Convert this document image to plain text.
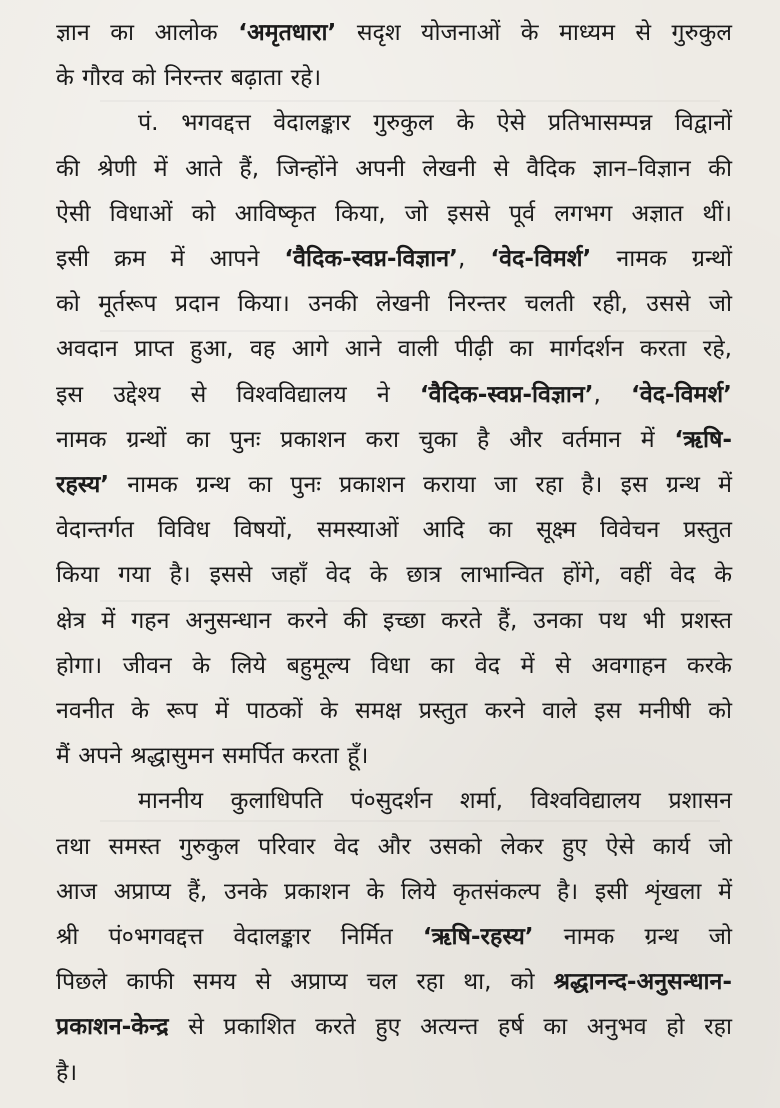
ज्ञान का आलोक ‘अमृतधारा’ सदृश योजनाओं के माध्यम से गुरुकुल
के गौरव को निरन्तर बढ़ाता रहे।
पं. भगवद्दत्त वेदालङ्कार गुरुकुल के ऐसे प्रतिभासम्पन्न विद्वानों
की श्रेणी में आते हैं, जिन्होंने अपनी लेखनी से वैदिक ज्ञान–विज्ञान की
ऐसी विधाओं को आविष्कृत किया, जो इससे पूर्व लगभग अज्ञात थीं।
इसी क्रम में आपने ‘वैदिक-स्वप्न-विज्ञान’, ‘वेद-विमर्श’ नामक ग्रन्थों
को मूर्तरूप प्रदान किया। उनकी लेखनी निरन्तर चलती रही, उससे जो
अवदान प्राप्त हुआ, वह आगे आने वाली पीढ़ी का मार्गदर्शन करता रहे,
इस उद्देश्य से विश्वविद्यालय ने ‘वैदिक-स्वप्न-विज्ञान’, ‘वेद-विमर्श’
नामक ग्रन्थों का पुनः प्रकाशन करा चुका है और वर्तमान में ‘ऋषि-
रहस्य’ नामक ग्रन्थ का पुनः प्रकाशन कराया जा रहा है। इस ग्रन्थ में
वेदान्तर्गत विविध विषयों, समस्याओं आदि का सूक्ष्म विवेचन प्रस्तुत
किया गया है। इससे जहाँ वेद के छात्र लाभान्वित होंगे, वहीं वेद के
क्षेत्र में गहन अनुसन्धान करने की इच्छा करते हैं, उनका पथ भी प्रशस्त
होगा। जीवन के लिये बहुमूल्य विधा का वेद में से अवगाहन करके
नवनीत के रूप में पाठकों के समक्ष प्रस्तुत करने वाले इस मनीषी को
मैं अपने श्रद्धासुमन समर्पित करता हूँ।
माननीय कुलाधिपति पं०सुदर्शन शर्मा, विश्वविद्यालय प्रशासन
तथा समस्त गुरुकुल परिवार वेद और उसको लेकर हुए ऐसे कार्य जो
आज अप्राप्य हैं, उनके प्रकाशन के लिये कृतसंकल्प है। इसी शृंखला में
श्री पं०भगवद्दत्त वेदालङ्कार निर्मित ‘ऋषि-रहस्य’ नामक ग्रन्थ जो
पिछले काफी समय से अप्राप्य चल रहा था, को श्रद्धानन्द-अनुसन्धान-
प्रकाशन-केन्द्र से प्रकाशित करते हुए अत्यन्त हर्ष का अनुभव हो रहा
है।
